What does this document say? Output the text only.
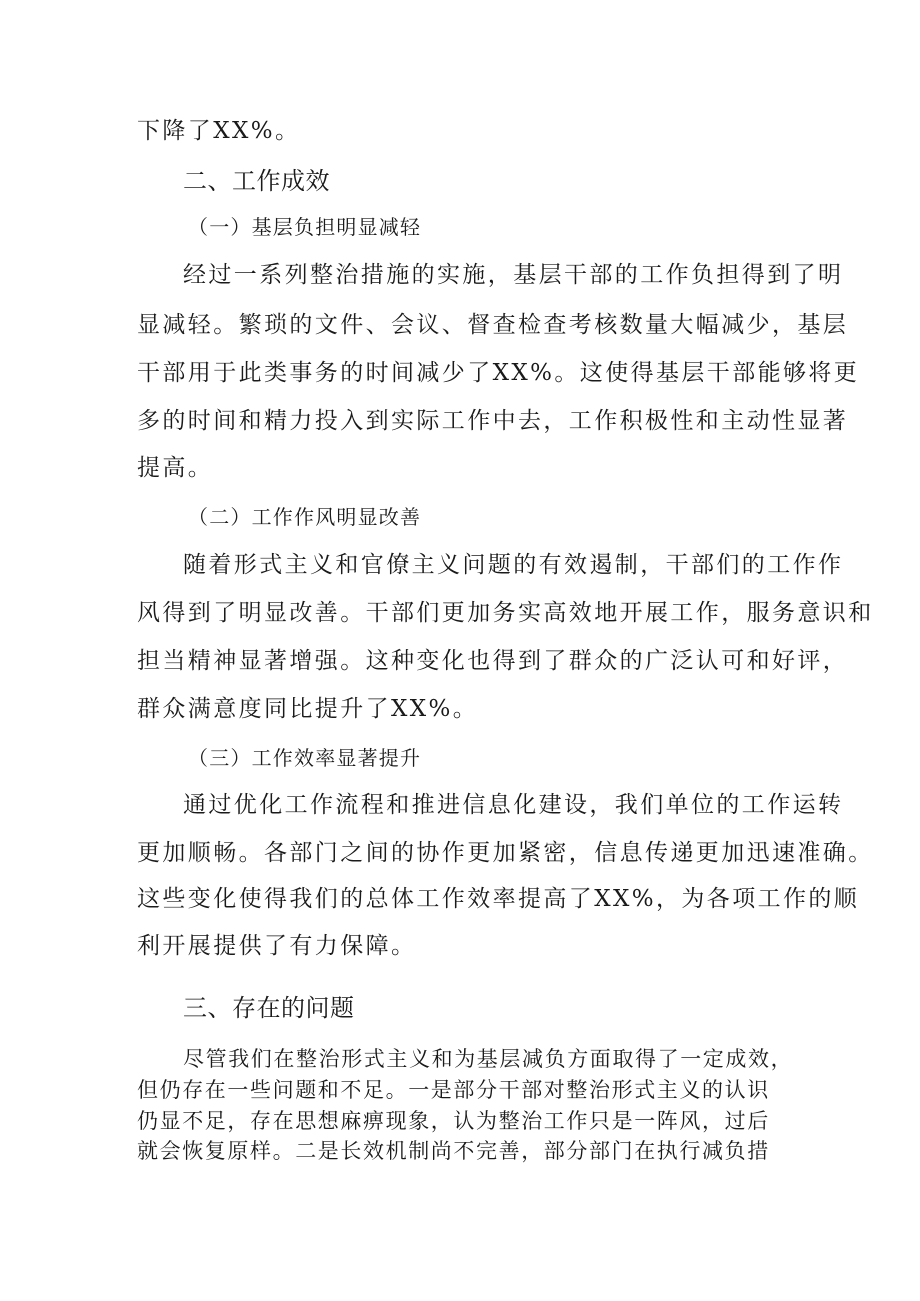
下降了XX%。
二、工作成效
（一）基层负担明显减轻
经过一系列整治措施的实施，基层干部的工作负担得到了明
显减轻。繁琐的文件、会议、督查检查考核数量大幅减少，基层
干部用于此类事务的时间减少了XX%。这使得基层干部能够将更
多的时间和精力投入到实际工作中去，工作积极性和主动性显著
提高。
（二）工作作风明显改善
随着形式主义和官僚主义问题的有效遏制，干部们的工作作
风得到了明显改善。干部们更加务实高效地开展工作，服务意识和
担当精神显著增强。这种变化也得到了群众的广泛认可和好评，
群众满意度同比提升了XX%。
（三）工作效率显著提升
通过优化工作流程和推进信息化建设，我们单位的工作运转
更加顺畅。各部门之间的协作更加紧密，信息传递更加迅速准确。
这些变化使得我们的总体工作效率提高了XX%，为各项工作的顺
利开展提供了有力保障。
三、存在的问题
尽管我们在整治形式主义和为基层减负方面取得了一定成效，
但仍存在一些问题和不足。一是部分干部对整治形式主义的认识
仍显不足，存在思想麻痹现象，认为整治工作只是一阵风，过后
就会恢复原样。二是长效机制尚不完善，部分部门在执行减负措
